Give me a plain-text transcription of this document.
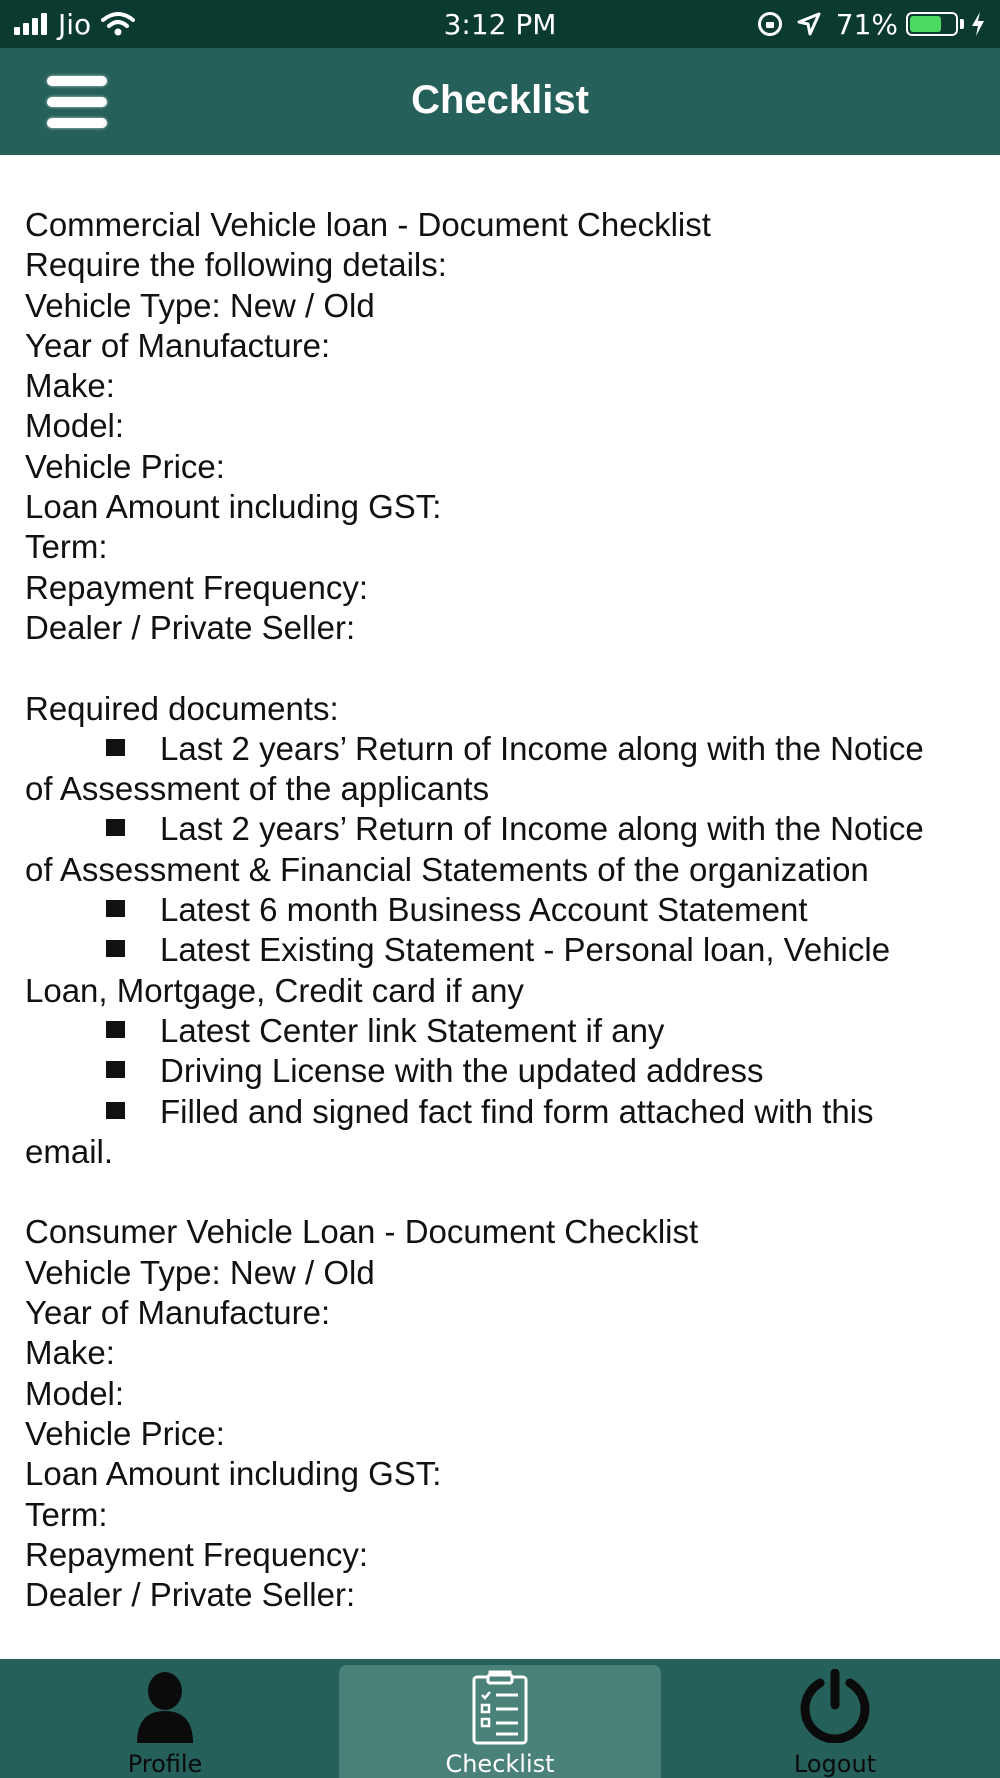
Jio	3:12 PM	71%
Checklist
Commercial Vehicle loan - Document Checklist
Require the following details:
Vehicle Type: New / Old
Year of Manufacture:
Make:
Model:
Vehicle Price:
Loan Amount including GST:
Term:
Repayment Frequency:
Dealer / Private Seller:
Required documents:
Last 2 years’ Return of Income along with the Notice
of Assessment of the applicants
Last 2 years’ Return of Income along with the Notice
of Assessment & Financial Statements of the organization
Latest 6 month Business Account Statement
Latest Existing Statement - Personal loan, Vehicle
Loan, Mortgage, Credit card if any
Latest Center link Statement if any
Driving License with the updated address
Filled and signed fact find form attached with this
email.
Consumer Vehicle Loan - Document Checklist
Vehicle Type: New / Old
Year of Manufacture:
Make:
Model:
Vehicle Price:
Loan Amount including GST:
Term:
Repayment Frequency:
Dealer / Private Seller:
Profile	Checklist	Logout
